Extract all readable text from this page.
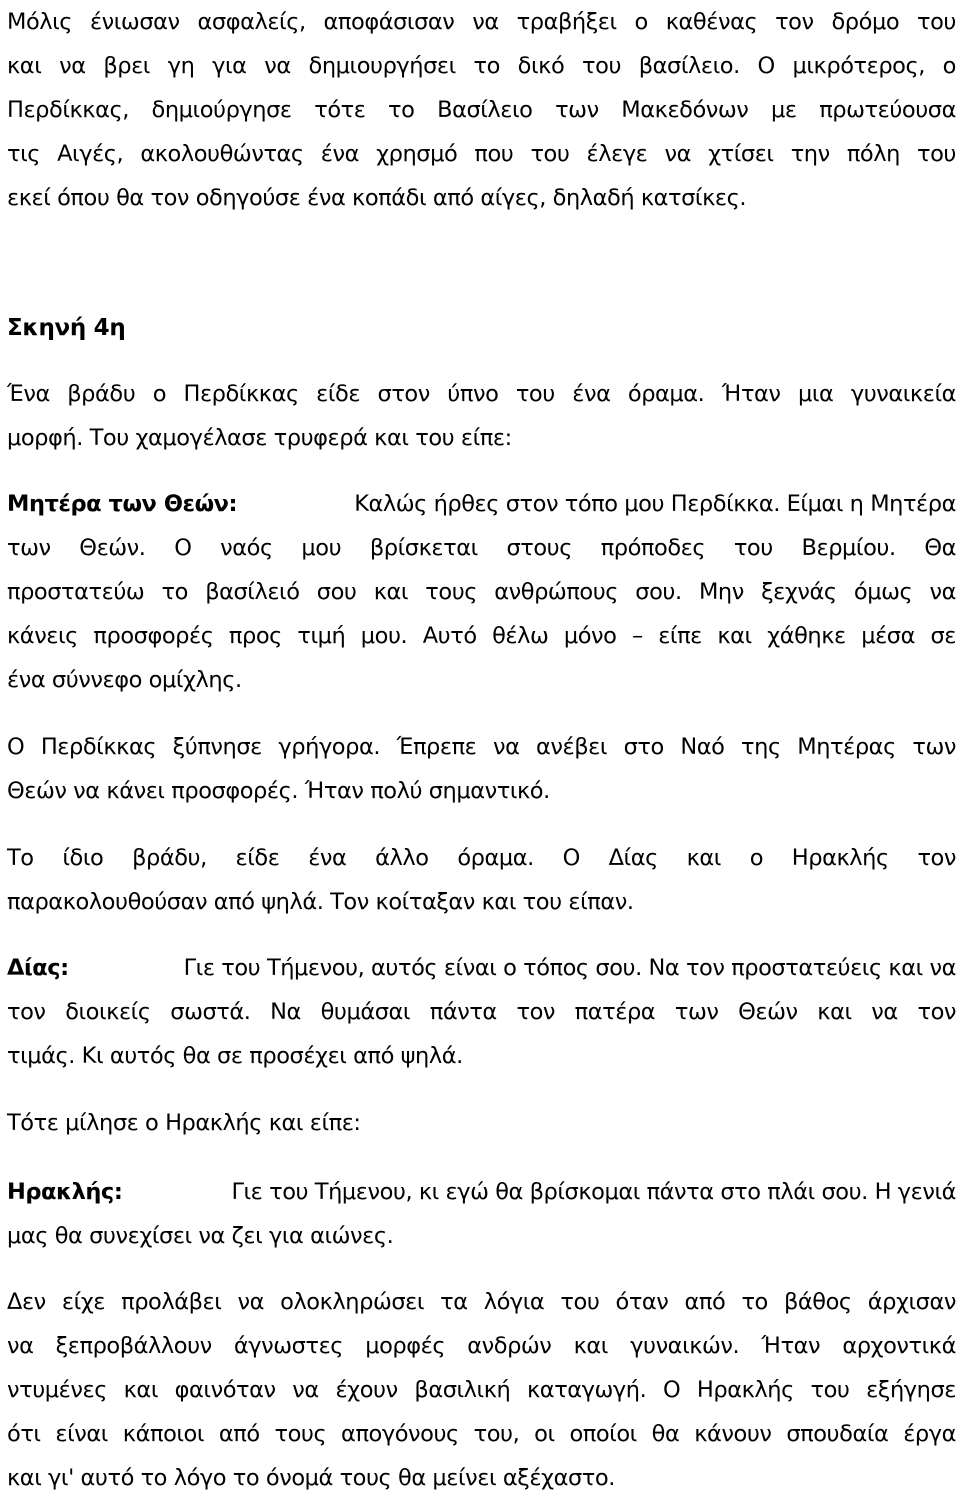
Μόλις ένιωσαν ασφαλείς, αποφάσισαν να τραβήξει ο καθένας τον δρόμο του
και να βρει γη για να δημιουργήσει το δικό του βασίλειο. Ο μικρότερος, ο
Περδίκκας, δημιούργησε τότε το Βασίλειο των Μακεδόνων με πρωτεύουσα
τις Αιγές, ακολουθώντας ένα χρησμό που του έλεγε να χτίσει την πόλη του
εκεί όπου θα τον οδηγούσε ένα κοπάδι από αίγες, δηλαδή κατσίκες.
Σκηνή 4η
Ένα βράδυ ο Περδίκκας είδε στον ύπνο του ένα όραμα. Ήταν μια γυναικεία
μορφή. Του χαμογέλασε τρυφερά και του είπε:
Μητέρα των Θεών:	Καλώς ήρθες στον τόπο μου Περδίκκα. Είμαι η Μητέρα
των Θεών. Ο ναός μου βρίσκεται στους πρόποδες του Βερμίου. Θα
προστατεύω το βασίλειό σου και τους ανθρώπους σου. Μην ξεχνάς όμως να
κάνεις προσφορές προς τιμή μου. Αυτό θέλω μόνο – είπε και χάθηκε μέσα σε
ένα σύννεφο ομίχλης.
Ο Περδίκκας ξύπνησε γρήγορα. Έπρεπε να ανέβει στο Ναό της Μητέρας των
Θεών να κάνει προσφορές. Ήταν πολύ σημαντικό.
Το ίδιο βράδυ, είδε ένα άλλο όραμα. Ο Δίας και ο Ηρακλής τον
παρακολουθούσαν από ψηλά. Τον κοίταξαν και του είπαν.
Δίας:	Γιε του Τήμενου, αυτός είναι ο τόπος σου. Να τον προστατεύεις και να
τον διοικείς σωστά. Να θυμάσαι πάντα τον πατέρα των Θεών και να τον
τιμάς. Κι αυτός θα σε προσέχει από ψηλά.
Τότε μίλησε ο Ηρακλής και είπε:
Ηρακλής:	Γιε του Τήμενου, κι εγώ θα βρίσκομαι πάντα στο πλάι σου. Η γενιά
μας θα συνεχίσει να ζει για αιώνες.
Δεν είχε προλάβει να ολοκληρώσει τα λόγια του όταν από το βάθος άρχισαν
να ξεπροβάλλουν άγνωστες μορφές ανδρών και γυναικών. Ήταν αρχοντικά
ντυμένες και φαινόταν να έχουν βασιλική καταγωγή. Ο Ηρακλής του εξήγησε
ότι είναι κάποιοι από τους απογόνους του, οι οποίοι θα κάνουν σπουδαία έργα
και γι' αυτό το λόγο το όνομά τους θα μείνει αξέχαστο.
